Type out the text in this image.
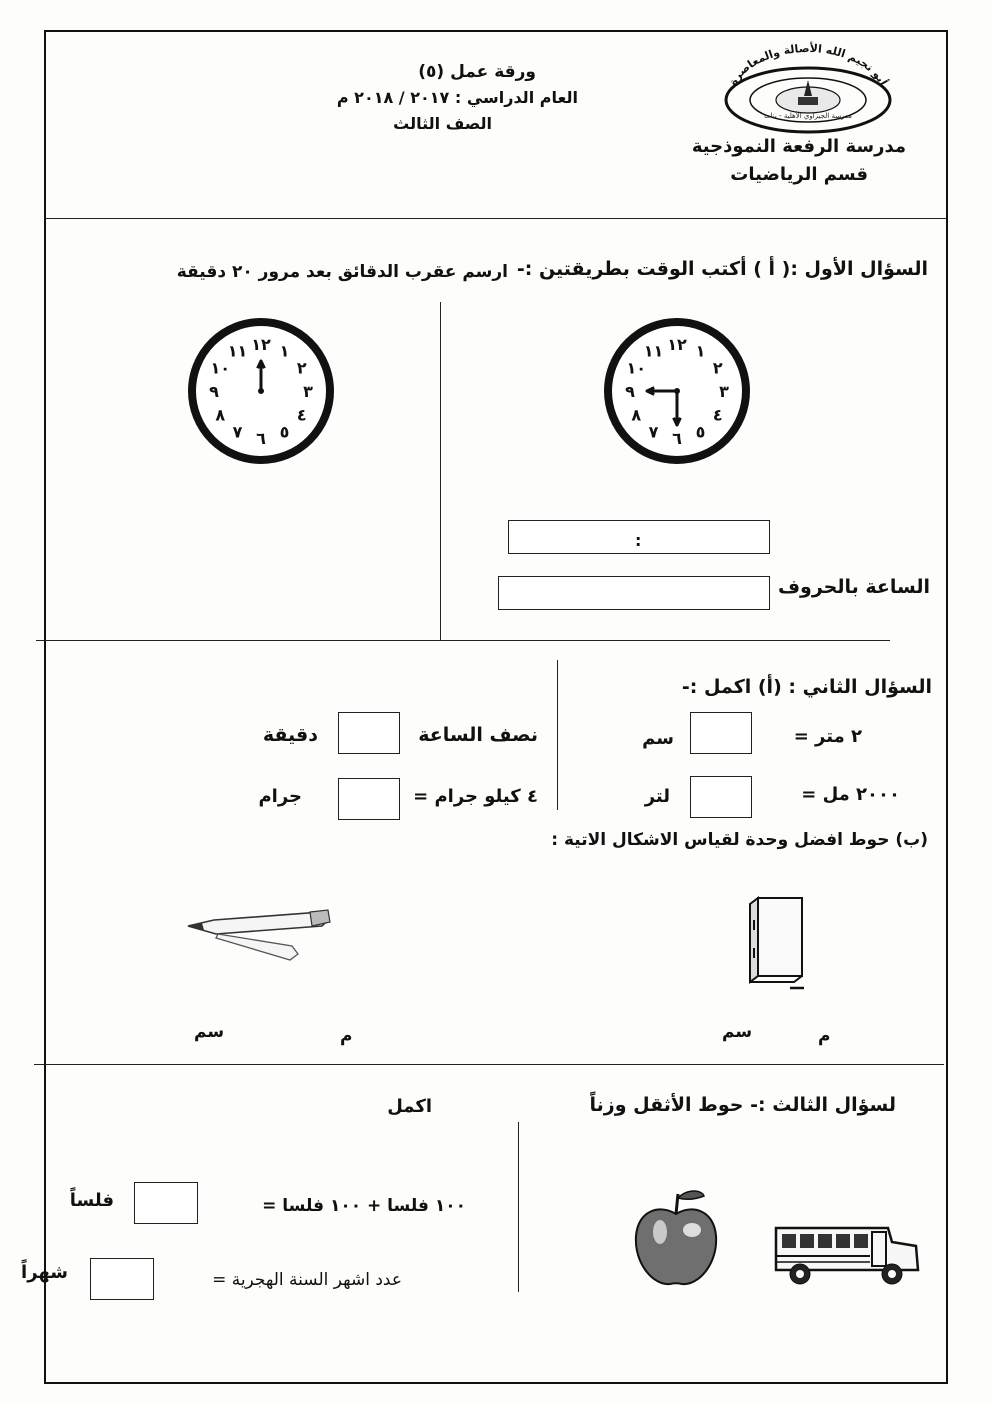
أبو نجيم الله الأصالة والمعاصرة
مدرسة الجيزاوي الأهلية - بنات
مدرسة الرفعة النموذجية
قسم الرياضيات
ورقة عمل (٥)
العام الدراسي : ٢٠١٧ / ٢٠١٨ م
الصف الثالث
السؤال الأول :( أ ) أكتب الوقت بطريقتين :-
ارسم عقرب الدقائق بعد مرور ٢٠ دقيقة
١٢ ١
٢
٣
٤
٥
٦
٧
٨
٩
١٠
١١
١٢ ١
٢
٣
٤
٥
٦
٧
٨
٩
١٠
١١
:
الساعة بالحروف
السؤال الثاني : (أ) اكمل :-
٢ متر =
سم
نصف الساعة
دقيقة
٢٠٠٠ مل =
لتر
٤ كيلو جرام =
جرام
(ب) حوط افضل وحدة لقياس الاشكال الاتية :
م
سم
م
سم
لسؤال الثالث :- حوط الأثقل وزناً
اكمل
١٠٠ فلسا + ١٠٠ فلسا =
فلساً
عدد اشهر السنة الهجرية =
شهراً
